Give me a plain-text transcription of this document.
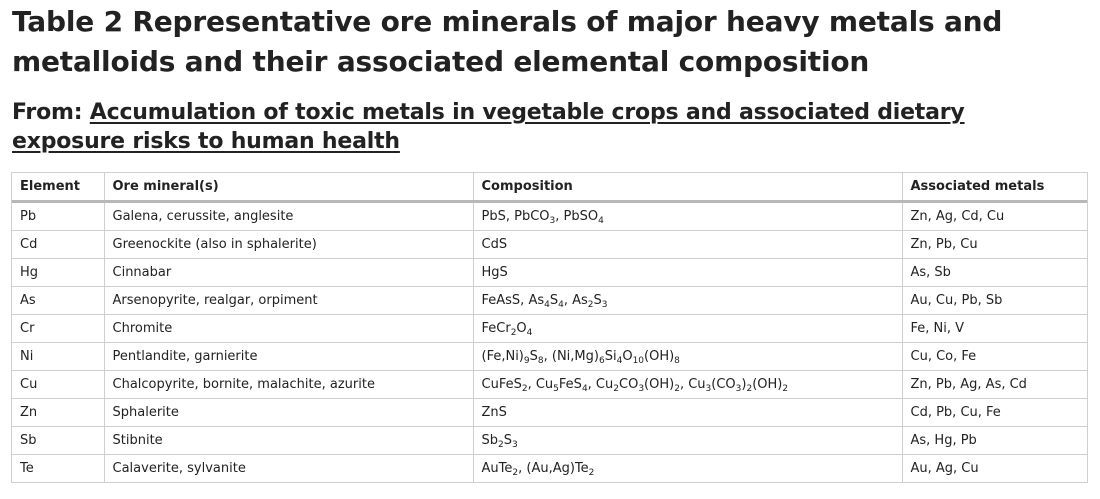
Table 2 Representative ore minerals of major heavy metals and metalloids and their associated elemental composition
From: Accumulation of toxic metals in vegetable crops and associated dietary exposure risks to human health
Element	Ore mineral(s)	Composition	Associated metals
Pb	Galena, cerussite, anglesite	PbS, PbCO$_3$, PbSO$_4$	Zn, Ag, Cd, Cu
Cd	Greenockite (also in sphalerite)	CdS	Zn, Pb, Cu
Hg	Cinnabar	HgS	As, Sb
As	Arsenopyrite, realgar, orpiment	FeAsS, $As_4S_4$, $As_2S_3$	Au, Cu, Pb, Sb
Cr	Chromite	$FeCr_2O_4$	Fe, Ni, V
Ni	Pentlandite, garnierite	$(Fe,Ni)_9S_8$, $(Ni,Mg)_6Si_4O_{10}(OH)_8$	Cu, Co, Fe
Cu	Chalcopyrite, bornite, malachite, azurite	CuFeS$_2$, $Cu_5FeS_4$, $Cu_2CO_3(OH)_2$, $Cu_3(CO_3)_2(OH)_2$	Zn, Pb, Ag, As, Cd
Zn	Sphalerite	ZnS	Cd, Pb, Cu, Fe
Sb	Stibnite	$Sb_2S_3$	As, Hg, Pb
Te	Calaverite, sylvanite	AuTe$_2$, $(Au,Ag)Te_2$	Au, Ag, Cu
